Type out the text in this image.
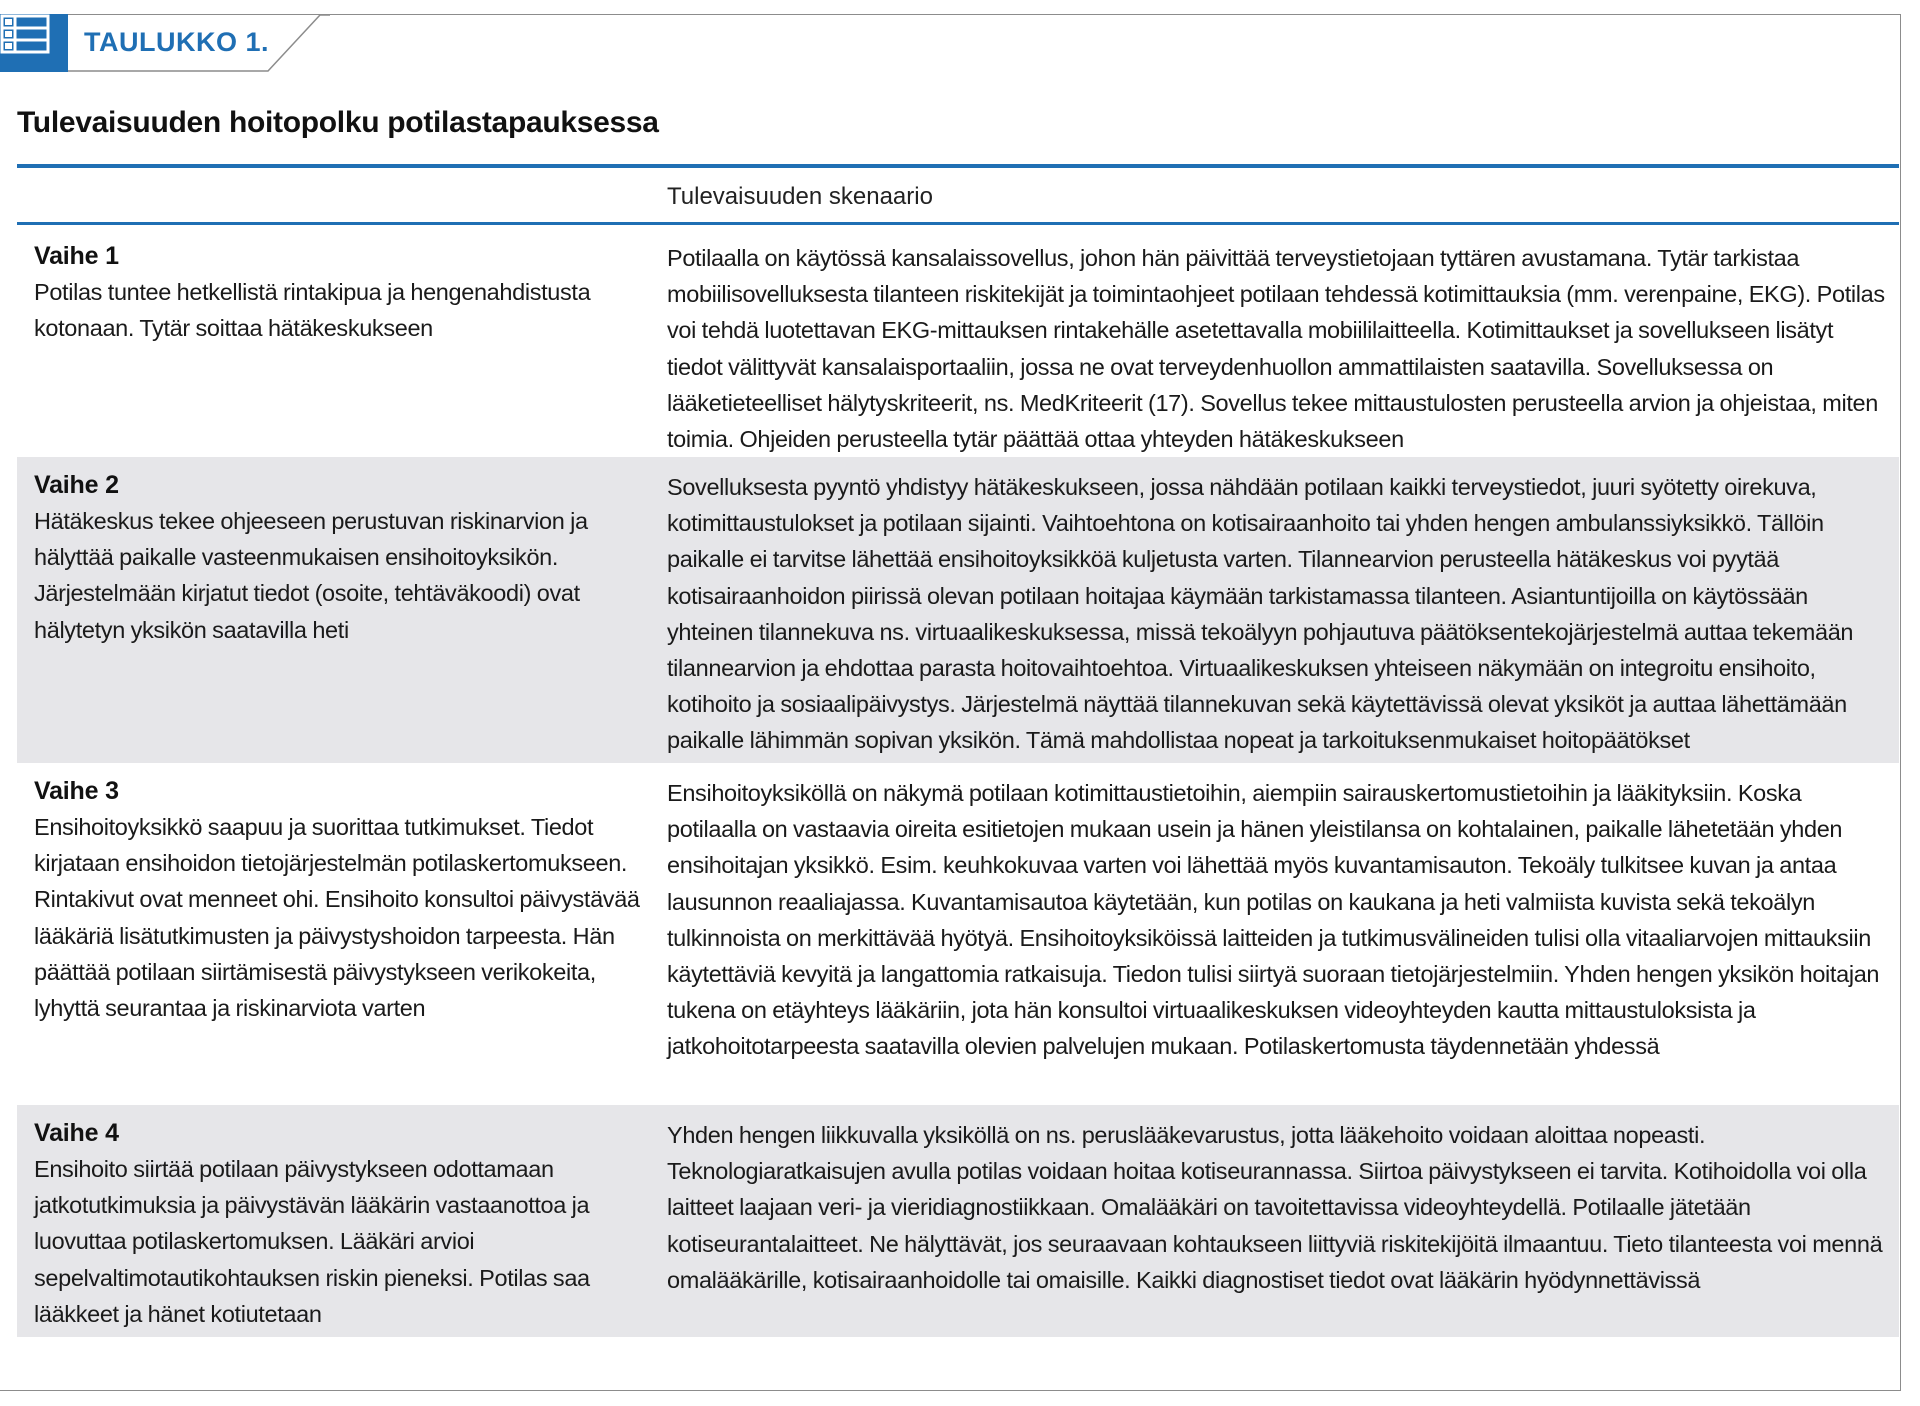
TAULUKKO 1.
Tulevaisuuden hoitopolku potilastapauksessa
Tulevaisuuden skenaario
Vaihe 1
Potilas tuntee hetkellistä rintakipua ja hengenahdistusta kotonaan. Tytär soittaa hätäkeskukseen
Potilaalla on käytössä kansalaissovellus, johon hän päivittää terveystietojaan tyttären avustamana. Tytär tarkistaa mobiilisovelluksesta tilanteen riskitekijät ja toimintaohjeet potilaan tehdessä kotimittauksia (mm. verenpaine, EKG). Potilas voi tehdä luotettavan EKG-mittauksen rintakehälle asetettavalla mobiililaitteella. Kotimittaukset ja sovellukseen lisätyt tiedot välittyvät kansalaisportaaliin, jossa ne ovat terveydenhuollon ammattilaisten saatavilla. Sovelluksessa on lääketieteelliset hälytyskriteerit, ns. MedKriteerit (17). Sovellus tekee mittaustulosten perusteella arvion ja ohjeistaa, miten toimia. Ohjeiden perusteella tytär päättää ottaa yhteyden hätäkeskukseen
Vaihe 2
Hätäkeskus tekee ohjeeseen perustuvan riskinarvion ja hälyttää paikalle vasteenmukaisen ensihoitoyksikön. Järjestelmään kirjatut tiedot (osoite, tehtäväkoodi) ovat hälytetyn yksikön saatavilla heti
Sovelluksesta pyyntö yhdistyy hätäkeskukseen, jossa nähdään potilaan kaikki terveystiedot, juuri syötetty oirekuva, kotimittaustulokset ja potilaan sijainti. Vaihtoehtona on kotisairaanhoito tai yhden hengen ambulanssiyksikkö. Tällöin paikalle ei tarvitse lähettää ensihoitoyksikköä kuljetusta varten. Tilannearvion perusteella hätäkeskus voi pyytää kotisairaanhoidon piirissä olevan potilaan hoitajaa käymään tarkistamassa tilanteen. Asiantuntijoilla on käytössään yhteinen tilannekuva ns. virtuaalikeskuksessa, missä tekoälyyn pohjautuva päätöksentekojärjestelmä auttaa tekemään tilannearvion ja ehdottaa parasta hoitovaihtoehtoa. Virtuaalikeskuksen yhteiseen näkymään on integroitu ensihoito, kotihoito ja sosiaalipäivystys. Järjestelmä näyttää tilannekuvan sekä käytettävissä olevat yksiköt ja auttaa lähettämään paikalle lähimmän sopivan yksikön. Tämä mahdollistaa nopeat ja tarkoituksenmukaiset hoitopäätökset
Vaihe 3
Ensihoitoyksikkö saapuu ja suorittaa tutkimukset. Tiedot kirjataan ensihoidon tietojärjestelmän potilaskertomukseen. Rintakivut ovat menneet ohi. Ensihoito konsultoi päivystävää lääkäriä lisätutkimusten ja päivystyshoidon tarpeesta. Hän päättää potilaan siirtämisestä päivystykseen verikokeita, lyhyttä seurantaa ja riskinarviota varten
Ensihoitoyksiköllä on näkymä potilaan kotimittaustietoihin, aiempiin sairauskertomustietoihin ja lääkityksiin. Koska potilaalla on vastaavia oireita esitietojen mukaan usein ja hänen yleistilansa on kohtalainen, paikalle lähetetään yhden ensihoitajan yksikkö. Esim. keuhkokuvaa varten voi lähettää myös kuvantamisauton. Tekoäly tulkitsee kuvan ja antaa lausunnon reaaliajassa. Kuvantamisautoa käytetään, kun potilas on kaukana ja heti valmiista kuvista sekä tekoälyn tulkinnoista on merkittävää hyötyä. Ensihoitoyksiköissä laitteiden ja tutkimusvälineiden tulisi olla vitaaliarvojen mittauksiin käytettäviä kevyitä ja langattomia ratkaisuja. Tiedon tulisi siirtyä suoraan tietojärjestelmiin. Yhden hengen yksikön hoitajan tukena on etäyhteys lääkäriin, jota hän konsultoi virtuaalikeskuksen videoyhteyden kautta mittaustuloksista ja jatkohoitotarpeesta saatavilla olevien palvelujen mukaan. Potilaskertomusta täydennetään yhdessä
Vaihe 4
Ensihoito siirtää potilaan päivystykseen odottamaan jatkotutkimuksia ja päivystävän lääkärin vastaanottoa ja luovuttaa potilaskertomuksen. Lääkäri arvioi sepelvaltimotautikohtauksen riskin pieneksi. Potilas saa lääkkeet ja hänet kotiutetaan
Yhden hengen liikkuvalla yksiköllä on ns. peruslääkevarustus, jotta lääkehoito voidaan aloittaa nopeasti. Teknologiaratkaisujen avulla potilas voidaan hoitaa kotiseurannassa. Siirtoa päivystykseen ei tarvita. Kotihoidolla voi olla laitteet laajaan veri- ja vieridiagnostiikkaan. Omalääkäri on tavoitettavissa videoyhteydellä. Potilaalle jätetään kotiseurantalaitteet. Ne hälyttävät, jos seuraavaan kohtaukseen liittyviä riskitekijöitä ilmaantuu. Tieto tilanteesta voi mennä omalääkärille, kotisairaanhoidolle tai omaisille. Kaikki diagnostiset tiedot ovat lääkärin hyödynnettävissä
